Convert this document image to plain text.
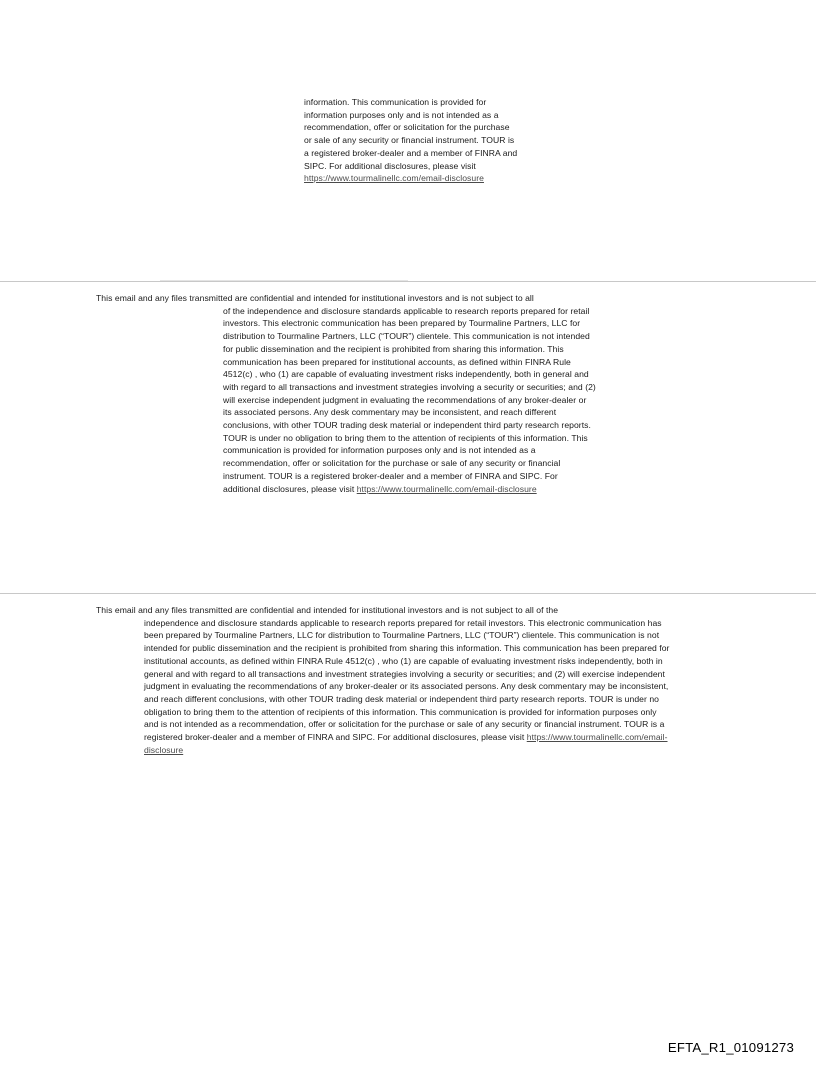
information. This communication is provided for information purposes only and is not intended as a recommendation, offer or solicitation for the purchase or sale of any security or financial instrument. TOUR is a registered broker-dealer and a member of FINRA and SIPC. For additional disclosures, please visit https://www.tourmalinellc.com/email-disclosure

This email and any files transmitted are confidential and intended for institutional investors and is not subject to all

of the independence and disclosure standards applicable to research reports prepared for retail investors. This electronic communication has been prepared by Tourmaline Partners, LLC for distribution to Tourmaline Partners, LLC (“TOUR”) clientele. This communication is not intended for public dissemination and the recipient is prohibited from sharing this information. This communication has been prepared for institutional accounts, as defined within FINRA Rule 4512(c) , who (1) are capable of evaluating investment risks independently, both in general and with regard to all transactions and investment strategies involving a security or securities; and (2) will exercise independent judgment in evaluating the recommendations of any broker-dealer or its associated persons. Any desk commentary may be inconsistent, and reach different conclusions, with other TOUR trading desk material or independent third party research reports. TOUR is under no obligation to bring them to the attention of recipients of this information. This communication is provided for information purposes only and is not intended as a recommendation, offer or solicitation for the purchase or sale of any security or financial instrument. TOUR is a registered broker-dealer and a member of FINRA and SIPC. For additional disclosures, please visit https://www.tourmalinellc.com/email-disclosure

This email and any files transmitted are confidential and intended for institutional investors and is not subject to all of the

independence and disclosure standards applicable to research reports prepared for retail investors. This electronic communication has been prepared by Tourmaline Partners, LLC for distribution to Tourmaline Partners, LLC (“TOUR”) clientele. This communication is not intended for public dissemination and the recipient is prohibited from sharing this information. This communication has been prepared for institutional accounts, as defined within FINRA Rule 4512(c) , who (1) are capable of evaluating investment risks independently, both in general and with regard to all transactions and investment strategies involving a security or securities; and (2) will exercise independent judgment in evaluating the recommendations of any broker-dealer or its associated persons. Any desk commentary may be inconsistent, and reach different conclusions, with other TOUR trading desk material or independent third party research reports. TOUR is under no obligation to bring them to the attention of recipients of this information. This communication is provided for information purposes only and is not intended as a recommendation, offer or solicitation for the purchase or sale of any security or financial instrument. TOUR is a registered broker-dealer and a member of FINRA and SIPC. For additional disclosures, please visit https://www.tourmalinellc.com/email-disclosure

EFTA_R1_01091273
